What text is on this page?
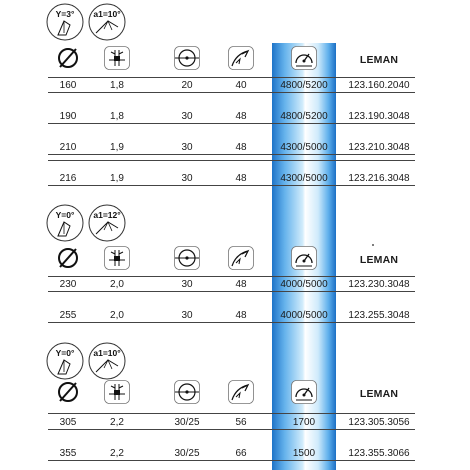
Y=3° a1=10°
LEMAN
160	1,8	20	40	4800/5200	123.160.2040
190	1,8	30	48	4800/5200	123.190.3048
210	1,9	30	48	4300/5000	123.210.3048
216	1,9	30	48	4300/5000	123.216.3048
Y=0° a1=12°
LEMAN
230	2,0	30	48	4000/5000	123.230.3048
255	2,0	30	48	4000/5000	123.255.3048
Y=0° a1=10°
LEMAN
305	2,2	30/25	56	1700	123.305.3056
355	2,2	30/25	66	1500	123.355.3066
